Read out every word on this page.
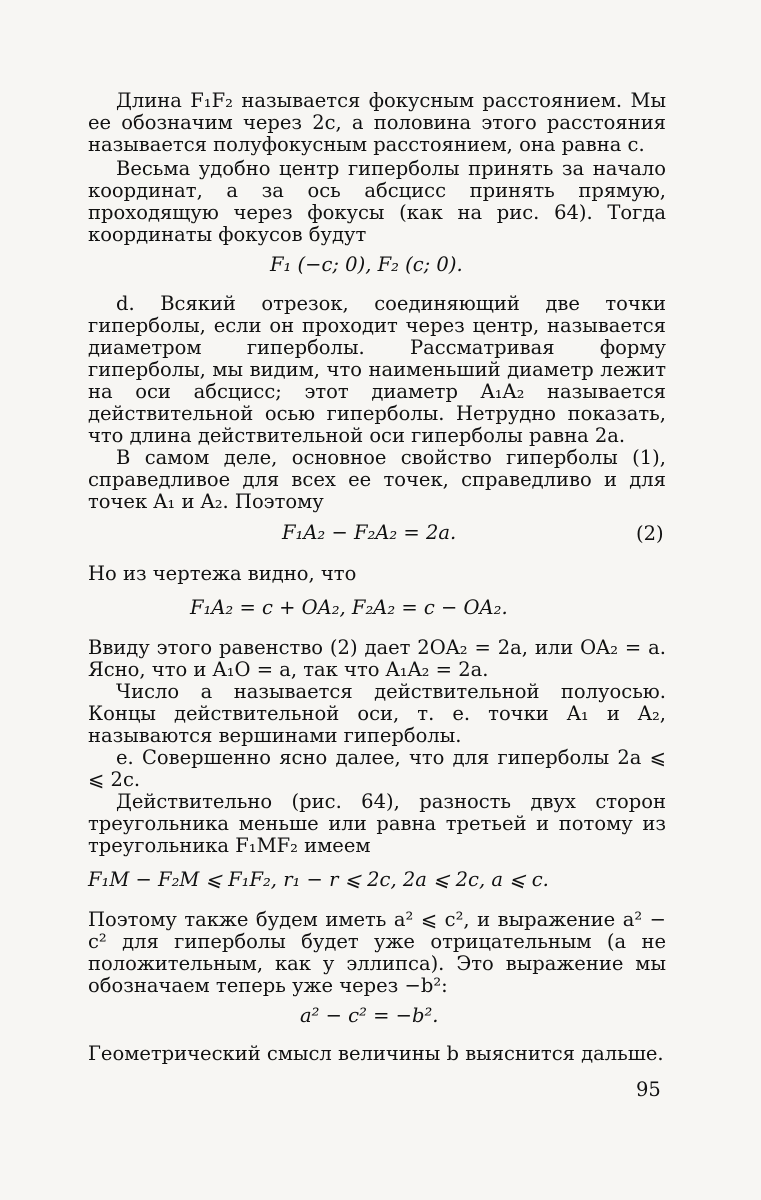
Длина F₁F₂ называется фокусным расстоянием. Мы ее обозначим через 2c, а половина этого расстояния называется полуфокусным расстоянием, она равна c.
Весьма удобно центр гиперболы принять за начало координат, а за ось абсцисс принять прямую, проходящую через фокусы (как на рис. 64). Тогда координаты фокусов будут
F₁ (−c; 0), F₂ (c; 0).
d. Всякий отрезок, соединяющий две точки гиперболы, если он проходит через центр, называется диаметром гиперболы. Рассматривая форму гиперболы, мы видим, что наименьший диаметр лежит на оси абсцисс; этот диаметр A₁A₂ называется действительной осью гиперболы. Нетрудно показать, что длина действительной оси гиперболы равна 2a.
В самом деле, основное свойство гиперболы (1), справедливое для всех ее точек, справедливо и для точек A₁ и A₂. Поэтому
F₁A₂ − F₂A₂ = 2a.	(2)
Но из чертежа видно, что
F₁A₂ = c + OA₂, F₂A₂ = c − OA₂.
Ввиду этого равенство (2) дает 2OA₂ = 2a, или OA₂ = a. Ясно, что и A₁O = a, так что A₁A₂ = 2a.
Число a называется действительной полуосью. Концы действительной оси, т. е. точки A₁ и A₂, называются вершинами гиперболы.
e. Совершенно ясно далее, что для гиперболы 2a ⩽ ⩽ 2c.
Действительно (рис. 64), разность двух сторон треугольника меньше или равна третьей и потому из треугольника F₁MF₂ имеем
F₁M − F₂M ⩽ F₁F₂, r₁ − r ⩽ 2c, 2a ⩽ 2c, a ⩽ c.
Поэтому также будем иметь a² ⩽ c², и выражение a² − c² для гиперболы будет уже отрицательным (а не положительным, как у эллипса). Это выражение мы обозначаем теперь уже через −b²:
a² − c² = −b².
Геометрический смысл величины b выяснится дальше.
95
